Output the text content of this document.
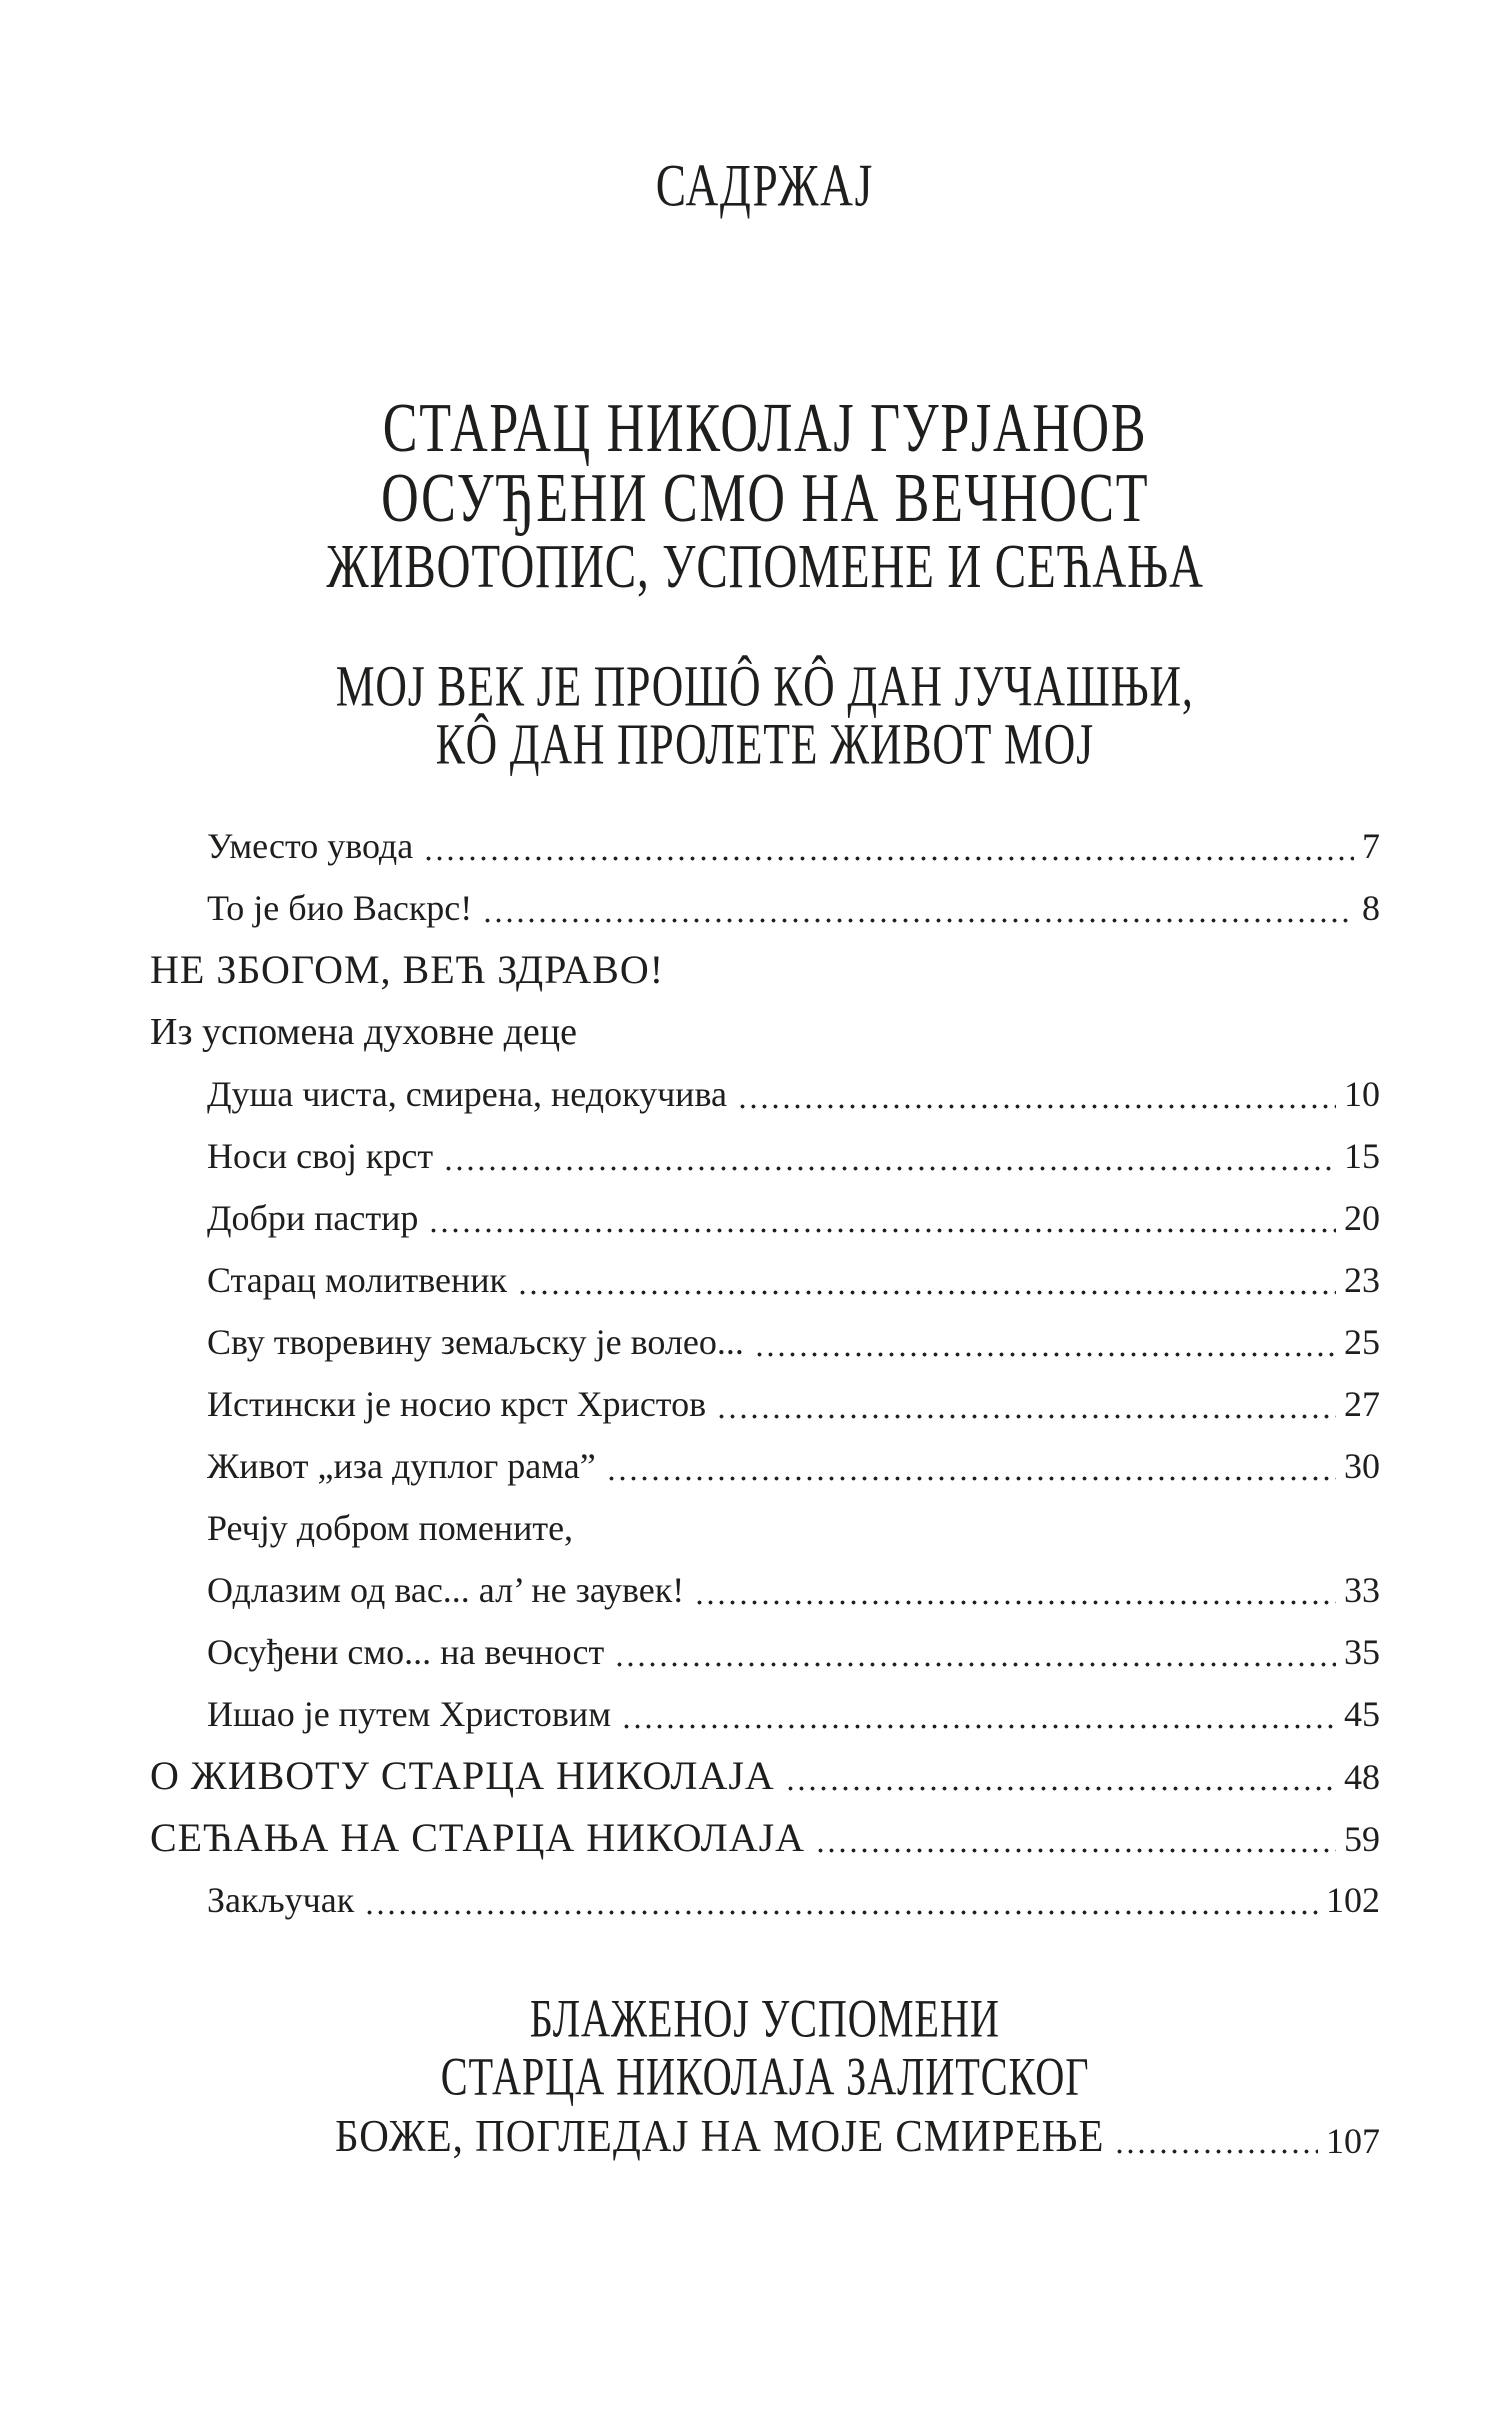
САДРЖАЈ
СТАРАЦ НИКОЛАЈ ГУРЈАНОВ
ОСУЂЕНИ СМО НА ВЕЧНОСТ
ЖИВОТОПИС, УСПОМЕНЕ И СЕЋАЊА
МОЈ ВЕК ЈЕ ПРОШÔ КÔ ДАН ЈУЧАШЊИ,
КÔ ДАН ПРОЛЕТЕ ЖИВОТ МОЈ
Уместо увода	7
То је био Васкрс!	8
НЕ ЗБОГОМ, ВЕЋ ЗДРАВО!
Из успомена духовне деце
Душа чиста, смирена, недокучива	10
Носи свој крст	15
Добри пастир	20
Старац молитвеник	23
Сву творевину земаљску је волео...	25
Истински је носио крст Христов	27
Живот „иза дуплог рама”	30
Речју добром помените,
Одлазим од вас... ал’ не заувек!	33
Осуђени смо... на вечност	35
Ишао је путем Христовим	45
О ЖИВОТУ СТАРЦА НИКОЛАЈА	48
СЕЋАЊА НА СТАРЦА НИКОЛАЈА	59
Закључак	102
БЛАЖЕНОЈ УСПОМЕНИ
СТАРЦА НИКОЛАЈА ЗАЛИТСКОГ
БОЖЕ, ПОГЛЕДАЈ НА МОЈЕ СМИРЕЊЕ	107
